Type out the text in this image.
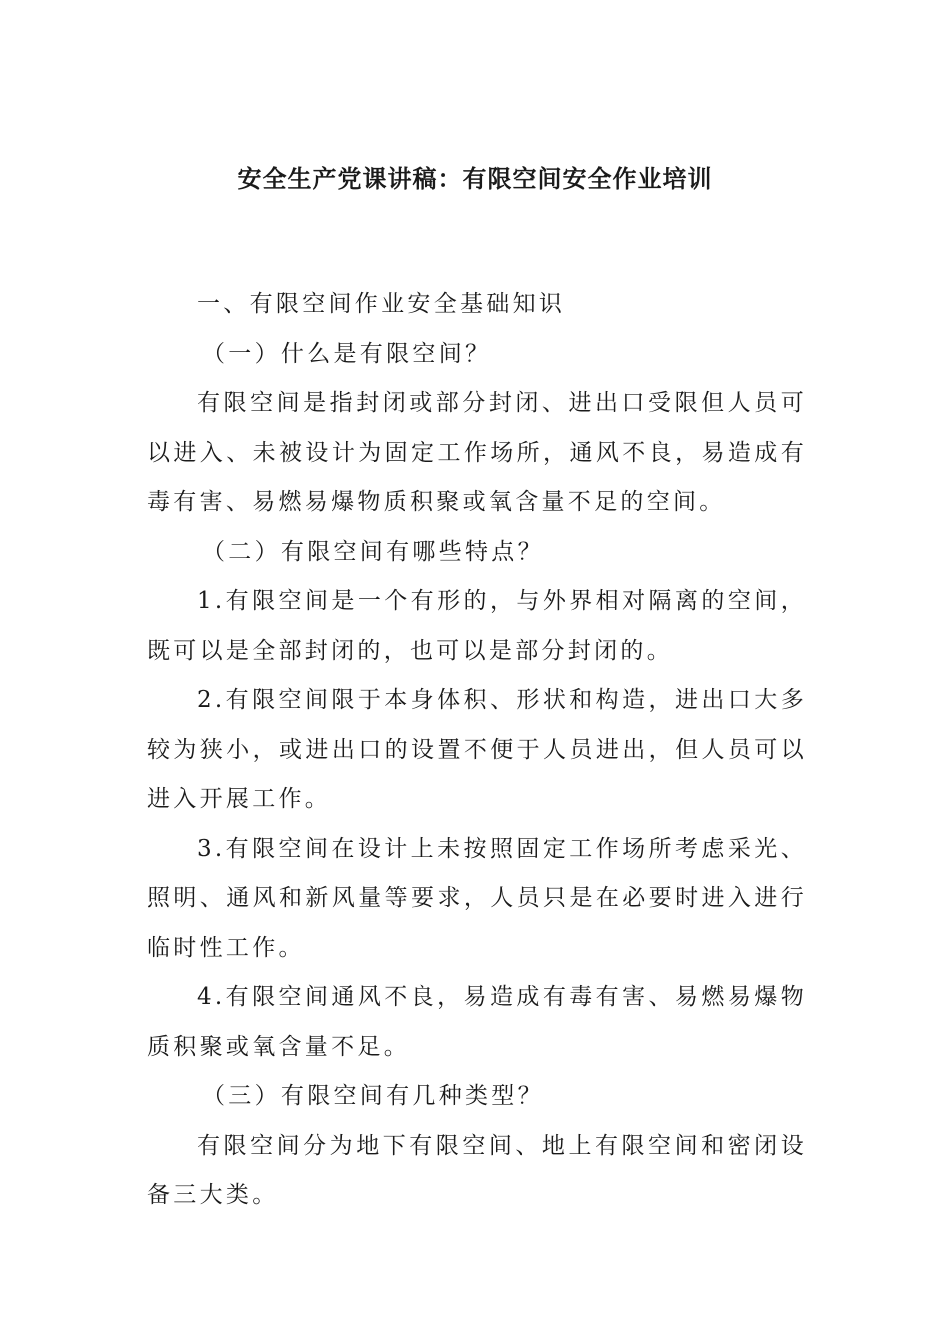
安全生产党课讲稿：有限空间安全作业培训

一、有限空间作业安全基础知识

（一）什么是有限空间？

有限空间是指封闭或部分封闭、进出口受限但人员可以进入、未被设计为固定工作场所，通风不良，易造成有毒有害、易燃易爆物质积聚或氧含量不足的空间。

（二）有限空间有哪些特点？

1.有限空间是一个有形的，与外界相对隔离的空间，既可以是全部封闭的，也可以是部分封闭的。

2.有限空间限于本身体积、形状和构造，进出口大多较为狭小，或进出口的设置不便于人员进出，但人员可以进入开展工作。

3.有限空间在设计上未按照固定工作场所考虑采光、照明、通风和新风量等要求，人员只是在必要时进入进行临时性工作。

4.有限空间通风不良，易造成有毒有害、易燃易爆物质积聚或氧含量不足。

（三）有限空间有几种类型？

有限空间分为地下有限空间、地上有限空间和密闭设备三大类。
